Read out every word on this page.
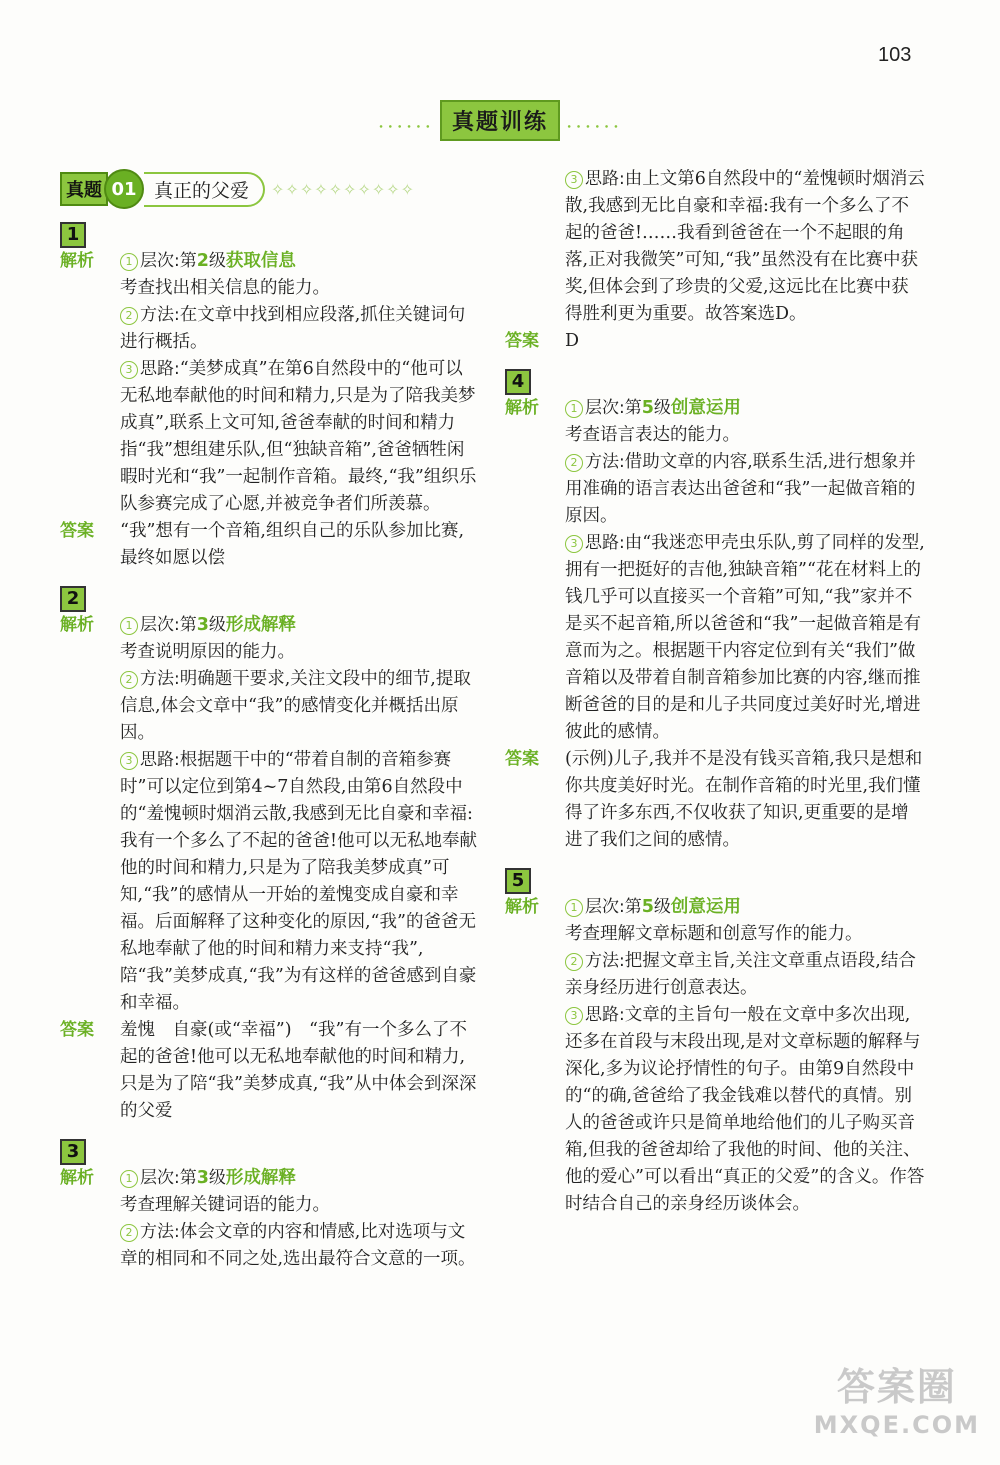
103
...... 真题训练 ......
真题 01 真正的父爱	✧✧✧✧✧✧✧✧✧✧
1
解析	1 层次:第2级获取信息

考查找出相关信息的能力。

2 方法:在文章中找到相应段落,抓住关键词句进行概括。

3 思路:“美梦成真”在第6自然段中的“他可以无私地奉献他的时间和精力,只是为了陪我美梦成真”,联系上文可知,爸爸奉献的时间和精力指“我”想组建乐队,但“独缺音箱”,爸爸牺牲闲暇时光和“我”一起制作音箱。最终,“我”组织乐队参赛完成了心愿,并被竞争者们所羡慕。

答案	“我”想有一个音箱,组织自己的乐队参加比赛,最终如愿以偿
2
解析	1 层次:第3级形成解释

考查说明原因的能力。

2 方法:明确题干要求,关注文段中的细节,提取信息,体会文章中“我”的感情变化并概括出原因。

3 思路:根据题干中的“带着自制的音箱参赛时”可以定位到第4~7自然段,由第6自然段中的“羞愧顿时烟消云散,我感到无比自豪和幸福:我有一个多么了不起的爸爸!他可以无私地奉献他的时间和精力,只是为了陪我美梦成真”可知,“我”的感情从一开始的羞愧变成自豪和幸福。后面解释了这种变化的原因,“我”的爸爸无私地奉献了他的时间和精力来支持“我”,陪“我”美梦成真,“我”为有这样的爸爸感到自豪和幸福。

答案	羞愧　自豪(或“幸福”)　“我”有一个多么了不起的爸爸!他可以无私地奉献他的时间和精力,只是为了陪“我”美梦成真,“我”从中体会到深深的父爱
3
解析	1 层次:第3级形成解释

考查理解关键词语的能力。

2 方法:体会文章的内容和情感,比对选项与文章的相同和不同之处,选出最符合文意的一项。

3 思路:由上文第6自然段中的“羞愧顿时烟消云散,我感到无比自豪和幸福:我有一个多么了不起的爸爸!……我看到爸爸在一个不起眼的角落,正对我微笑”可知,“我”虽然没有在比赛中获奖,但体会到了珍贵的父爱,这远比在比赛中获得胜利更为重要。故答案选D。

答案	D
4
解析	1 层次:第5级创意运用

考查语言表达的能力。

2 方法:借助文章的内容,联系生活,进行想象并用准确的语言表达出爸爸和“我”一起做音箱的原因。

3 思路:由“我迷恋甲壳虫乐队,剪了同样的发型,拥有一把挺好的吉他,独缺音箱”“花在材料上的钱几乎可以直接买一个音箱”可知,“我”家并不是买不起音箱,所以爸爸和“我”一起做音箱是有意而为之。根据题干内容定位到有关“我们”做音箱以及带着自制音箱参加比赛的内容,继而推断爸爸的目的是和儿子共同度过美好时光,增进彼此的感情。

答案	(示例)儿子,我并不是没有钱买音箱,我只是想和你共度美好时光。在制作音箱的时光里,我们懂得了许多东西,不仅收获了知识,更重要的是增进了我们之间的感情。
5
解析	1 层次:第5级创意运用

考查理解文章标题和创意写作的能力。

2 方法:把握文章主旨,关注文章重点语段,结合亲身经历进行创意表达。

3 思路:文章的主旨句一般在文章中多次出现,还多在首段与末段出现,是对文章标题的解释与深化,多为议论抒情性的句子。由第9自然段中的“的确,爸爸给了我金钱难以替代的真情。别人的爸爸或许只是简单地给他们的儿子购买音箱,但我的爸爸却给了我他的时间、他的关注、他的爱心”可以看出“真正的父爱”的含义。作答时结合自己的亲身经历谈体会。

答案圈
MXQE.COM
